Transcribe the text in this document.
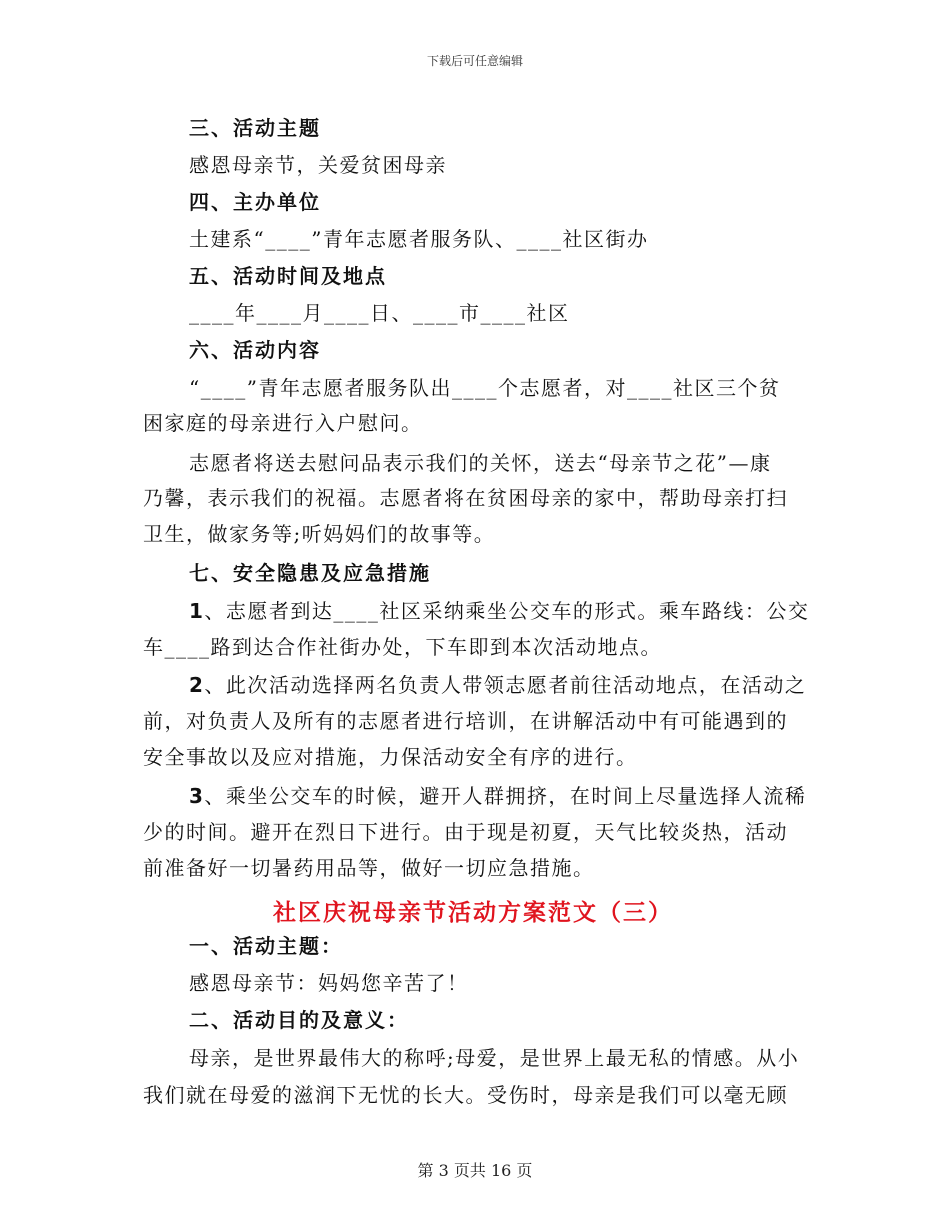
下载后可任意编辑
三、活动主题
感恩母亲节，关爱贫困母亲
四、主办单位
土建系“____”青年志愿者服务队、____社区街办
五、活动时间及地点
____年____月____日、____市____社区
六、活动内容
“____”青年志愿者服务队出____个志愿者，对____社区三个贫
困家庭的母亲进行入户慰问。
志愿者将送去慰问品表示我们的关怀，送去“母亲节之花”—康
乃馨，表示我们的祝福。志愿者将在贫困母亲的家中，帮助母亲打扫
卫生，做家务等;听妈妈们的故事等。
七、安全隐患及应急措施
1、志愿者到达____社区采纳乘坐公交车的形式。乘车路线：公交
车____路到达合作社街办处，下车即到本次活动地点。
2、此次活动选择两名负责人带领志愿者前往活动地点，在活动之
前，对负责人及所有的志愿者进行培训，在讲解活动中有可能遇到的
安全事故以及应对措施，力保活动安全有序的进行。
3、乘坐公交车的时候，避开人群拥挤，在时间上尽量选择人流稀
少的时间。避开在烈日下进行。由于现是初夏，天气比较炎热，活动
前准备好一切暑药用品等，做好一切应急措施。
社区庆祝母亲节活动方案范文（三）
一、活动主题：
感恩母亲节：妈妈您辛苦了！
二、活动目的及意义：
母亲，是世界最伟大的称呼;母爱，是世界上最无私的情感。从小
我们就在母爱的滋润下无忧的长大。受伤时，母亲是我们可以毫无顾
第 3 页共 16 页
